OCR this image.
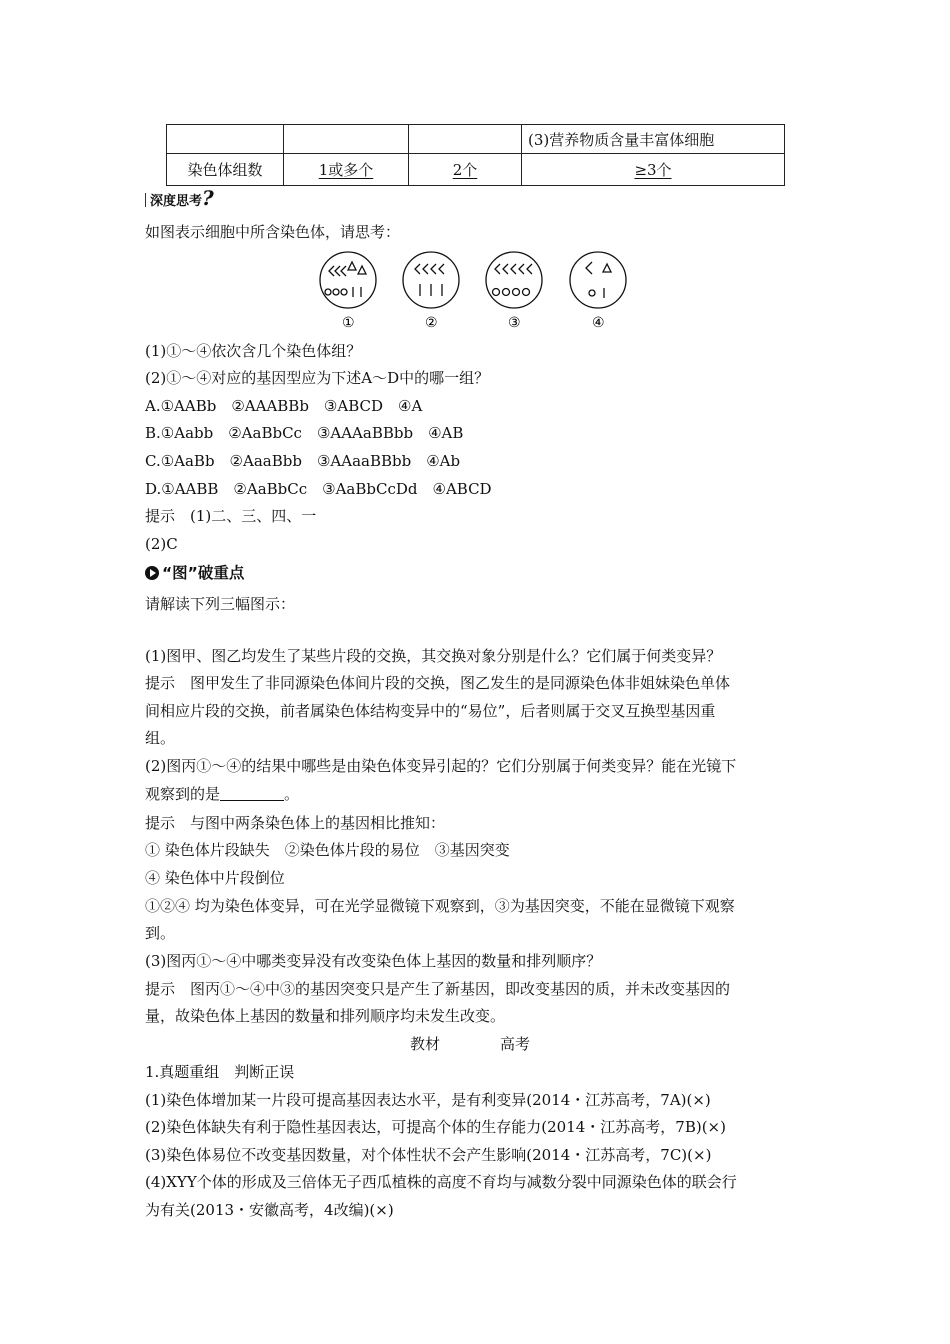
			(3)营养物质含量丰富体细胞
染色体组数	1或多个	2个	≥3个
深度思考?
如图表示细胞中所含染色体，请思考：
①	②	③	④
(1)①～④依次含几个染色体组？
(2)①～④对应的基因型应为下述A～D中的哪一组？
A.①AABb　②AAABBb　③ABCD　④A
B.①Aabb　②AaBbCc　③AAAaBBbb　④AB
C.①AaBb　②AaaBbb　③AAaaBBbb　④Ab
D.①AABB　②AaBbCc　③AaBbCcDd　④ABCD
提示　(1)二、三、四、一
(2)C
“图”破重点
请解读下列三幅图示：
(1)图甲、图乙均发生了某些片段的交换，其交换对象分别是什么？它们属于何类变异？
提示　图甲发生了非同源染色体间片段的交换，图乙发生的是同源染色体非姐妹染色单体
间相应片段的交换，前者属染色体结构变异中的“易位”，后者则属于交叉互换型基因重
组。
(2)图丙①～④的结果中哪些是由染色体变异引起的？它们分别属于何类变异？能在光镜下
观察到的是	。
提示　与图中两条染色体上的基因相比推知：
① 染色体片段缺失　②染色体片段的易位　③基因突变
④ 染色体中片段倒位
①②④ 均为染色体变异，可在光学显微镜下观察到，③为基因突变，不能在显微镜下观察
到。
(3)图丙①～④中哪类变异没有改变染色体上基因的数量和排列顺序？
提示　图丙①～④中③的基因突变只是产生了新基因，即改变基因的质，并未改变基因的
量，故染色体上基因的数量和排列顺序均未发生改变。
教材	高考
1.真题重组　判断正误
(1)染色体增加某一片段可提高基因表达水平，是有利变异(2014・江苏高考，7A)(×)
(2)染色体缺失有利于隐性基因表达，可提高个体的生存能力(2014・江苏高考，7B)(×)
(3)染色体易位不改变基因数量，对个体性状不会产生影响(2014・江苏高考，7C)(×)
(4)XYY个体的形成及三倍体无子西瓜植株的高度不育均与减数分裂中同源染色体的联会行
为有关(2013・安徽高考，4改编)(×)
